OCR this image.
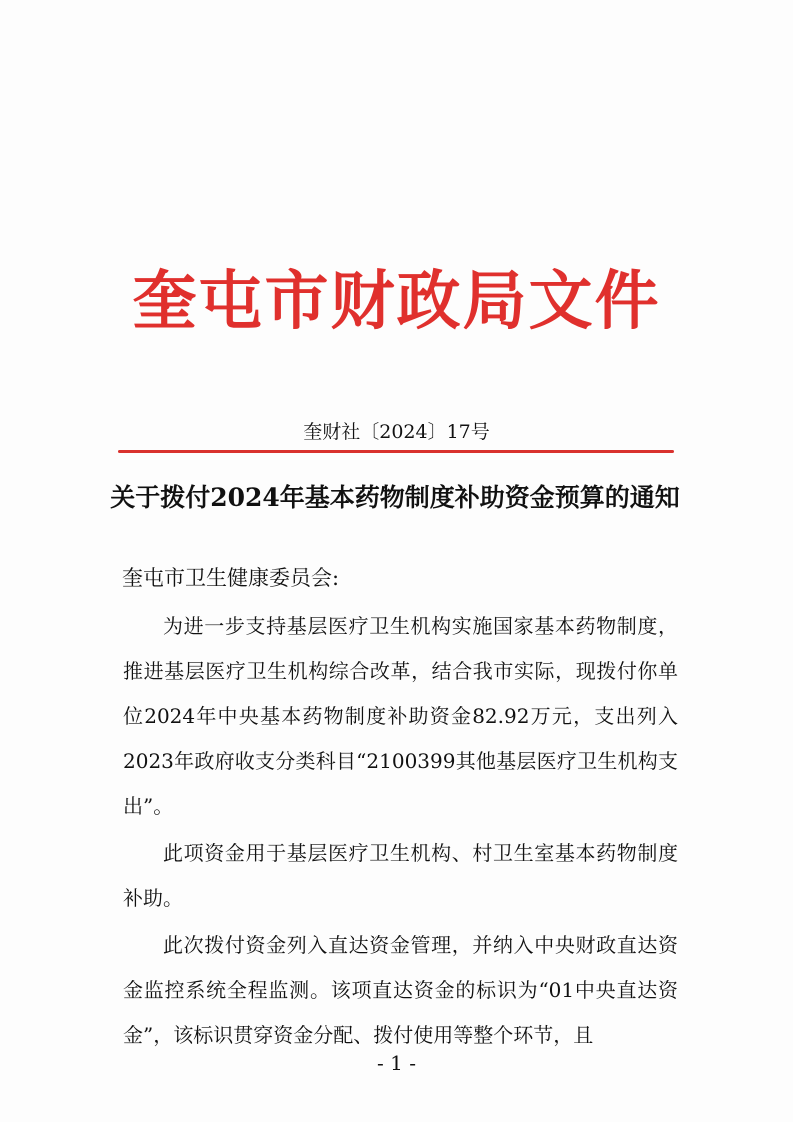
奎屯市财政局文件
奎财社〔2024〕17号
关于拨付2024年基本药物制度补助资金预算的通知
奎屯市卫生健康委员会:

为进一步支持基层医疗卫生机构实施国家基本药物制度，推进基层医疗卫生机构综合改革，结合我市实际，现拨付你单位2024年中央基本药物制度补助资金82.92万元，支出列入2023年政府收支分类科目“2100399其他基层医疗卫生机构支出”。

此项资金用于基层医疗卫生机构、村卫生室基本药物制度补助。

此次拨付资金列入直达资金管理，并纳入中央财政直达资金监控系统全程监测。该项直达资金的标识为“01中央直达资金”，该标识贯穿资金分配、拨付使用等整个环节，且

- 1 -
